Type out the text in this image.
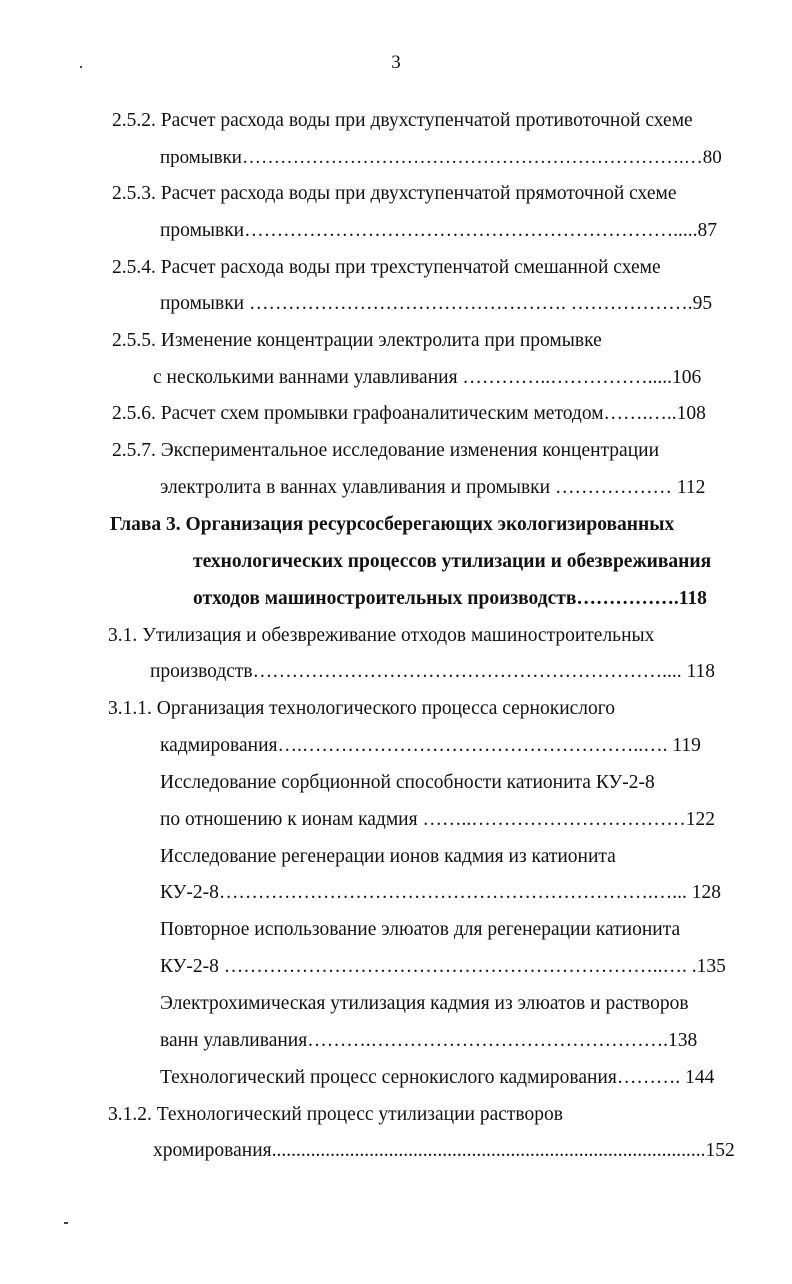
3
2.5.2. Расчет расхода воды при двухступенчатой противоточной схеме
промывки…………………………………………………………….…80
2.5.3. Расчет расхода воды при двухступенчатой прямоточной схеме
промывки………………………………………………………….....87
2.5.4. Расчет расхода воды при трехступенчатой смешанной схеме
промывки …………………………………………. ……………….95
2.5.5. Изменение концентрации электролита при промывке
с несколькими ваннами улавливания …………..…………….....106
2.5.6. Расчет схем промывки графоаналитическим методом…….…..108
2.5.7. Экспериментальное исследование изменения концентрации
электролита в ваннах улавливания и промывки ……………… 112
Глава 3. Организация ресурсосберегающих экологизированных
технологических процессов утилизации и обезвреживания
отходов машиностроительных производств…………….118
3.1. Утилизация и обезвреживание отходов машиностроительных
производств……………………………………………………….... 118
3.1.1. Организация технологического процесса сернокислого
кадмирования….……………………………………………..…. 119
Исследование сорбционной способности катионита КУ-2-8
по отношению к ионам кадмия ……..……………………………122
Исследование регенерации ионов кадмия из катионита
КУ-2-8………………………………………………………….…... 128
Повторное использование элюатов для регенерации катионита
КУ-2-8 …………………………………………………………..…. .135
Электрохимическая утилизация кадмия из элюатов и растворов
ванн улавливания……….……………………………………….138
Технологический процесс сернокислого кадмирования………. 144
3.1.2. Технологический процесс утилизации растворов
хромирования.........................................................................................152
